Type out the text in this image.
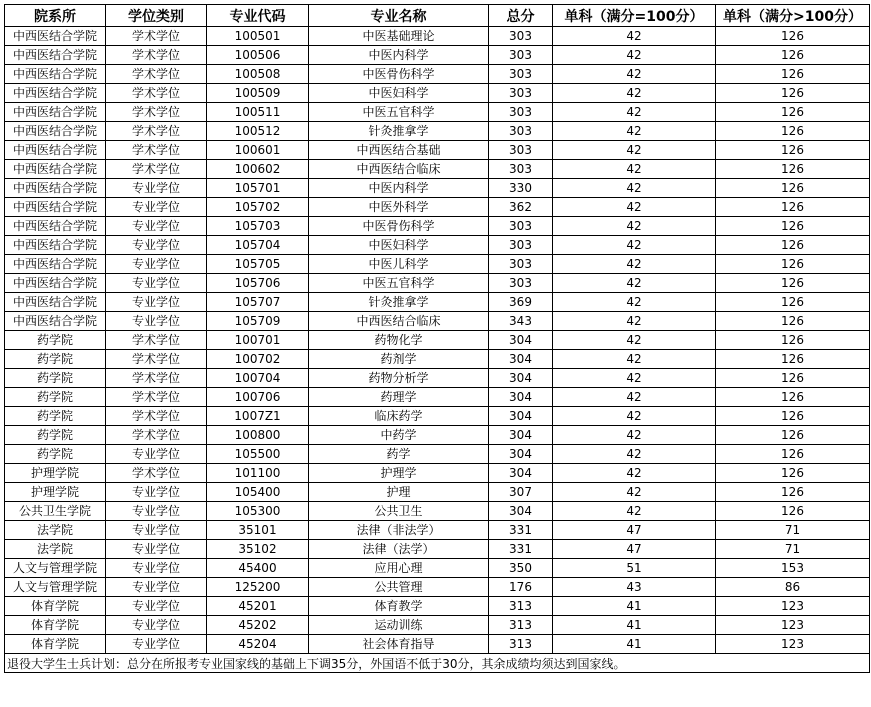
院系所	学位类别	专业代码	专业名称	总分	单科（满分=100分）	单科（满分>100分）
中西医结合学院	学术学位	100501	中医基础理论	303	42	126
中西医结合学院	学术学位	100506	中医内科学	303	42	126
中西医结合学院	学术学位	100508	中医骨伤科学	303	42	126
中西医结合学院	学术学位	100509	中医妇科学	303	42	126
中西医结合学院	学术学位	100511	中医五官科学	303	42	126
中西医结合学院	学术学位	100512	针灸推拿学	303	42	126
中西医结合学院	学术学位	100601	中西医结合基础	303	42	126
中西医结合学院	学术学位	100602	中西医结合临床	303	42	126
中西医结合学院	专业学位	105701	中医内科学	330	42	126
中西医结合学院	专业学位	105702	中医外科学	362	42	126
中西医结合学院	专业学位	105703	中医骨伤科学	303	42	126
中西医结合学院	专业学位	105704	中医妇科学	303	42	126
中西医结合学院	专业学位	105705	中医儿科学	303	42	126
中西医结合学院	专业学位	105706	中医五官科学	303	42	126
中西医结合学院	专业学位	105707	针灸推拿学	369	42	126
中西医结合学院	专业学位	105709	中西医结合临床	343	42	126
药学院	学术学位	100701	药物化学	304	42	126
药学院	学术学位	100702	药剂学	304	42	126
药学院	学术学位	100704	药物分析学	304	42	126
药学院	学术学位	100706	药理学	304	42	126
药学院	学术学位	1007Z1	临床药学	304	42	126
药学院	学术学位	100800	中药学	304	42	126
药学院	专业学位	105500	药学	304	42	126
护理学院	学术学位	101100	护理学	304	42	126
护理学院	专业学位	105400	护理	307	42	126
公共卫生学院	专业学位	105300	公共卫生	304	42	126
法学院	专业学位	35101	法律（非法学）	331	47	71
法学院	专业学位	35102	法律（法学）	331	47	71
人文与管理学院	专业学位	45400	应用心理	350	51	153
人文与管理学院	专业学位	125200	公共管理	176	43	86
体育学院	专业学位	45201	体育教学	313	41	123
体育学院	专业学位	45202	运动训练	313	41	123
体育学院	专业学位	45204	社会体育指导	313	41	123
退役大学生士兵计划：总分在所报考专业国家线的基础上下调35分，外国语不低于30分，其余成绩均须达到国家线。						
